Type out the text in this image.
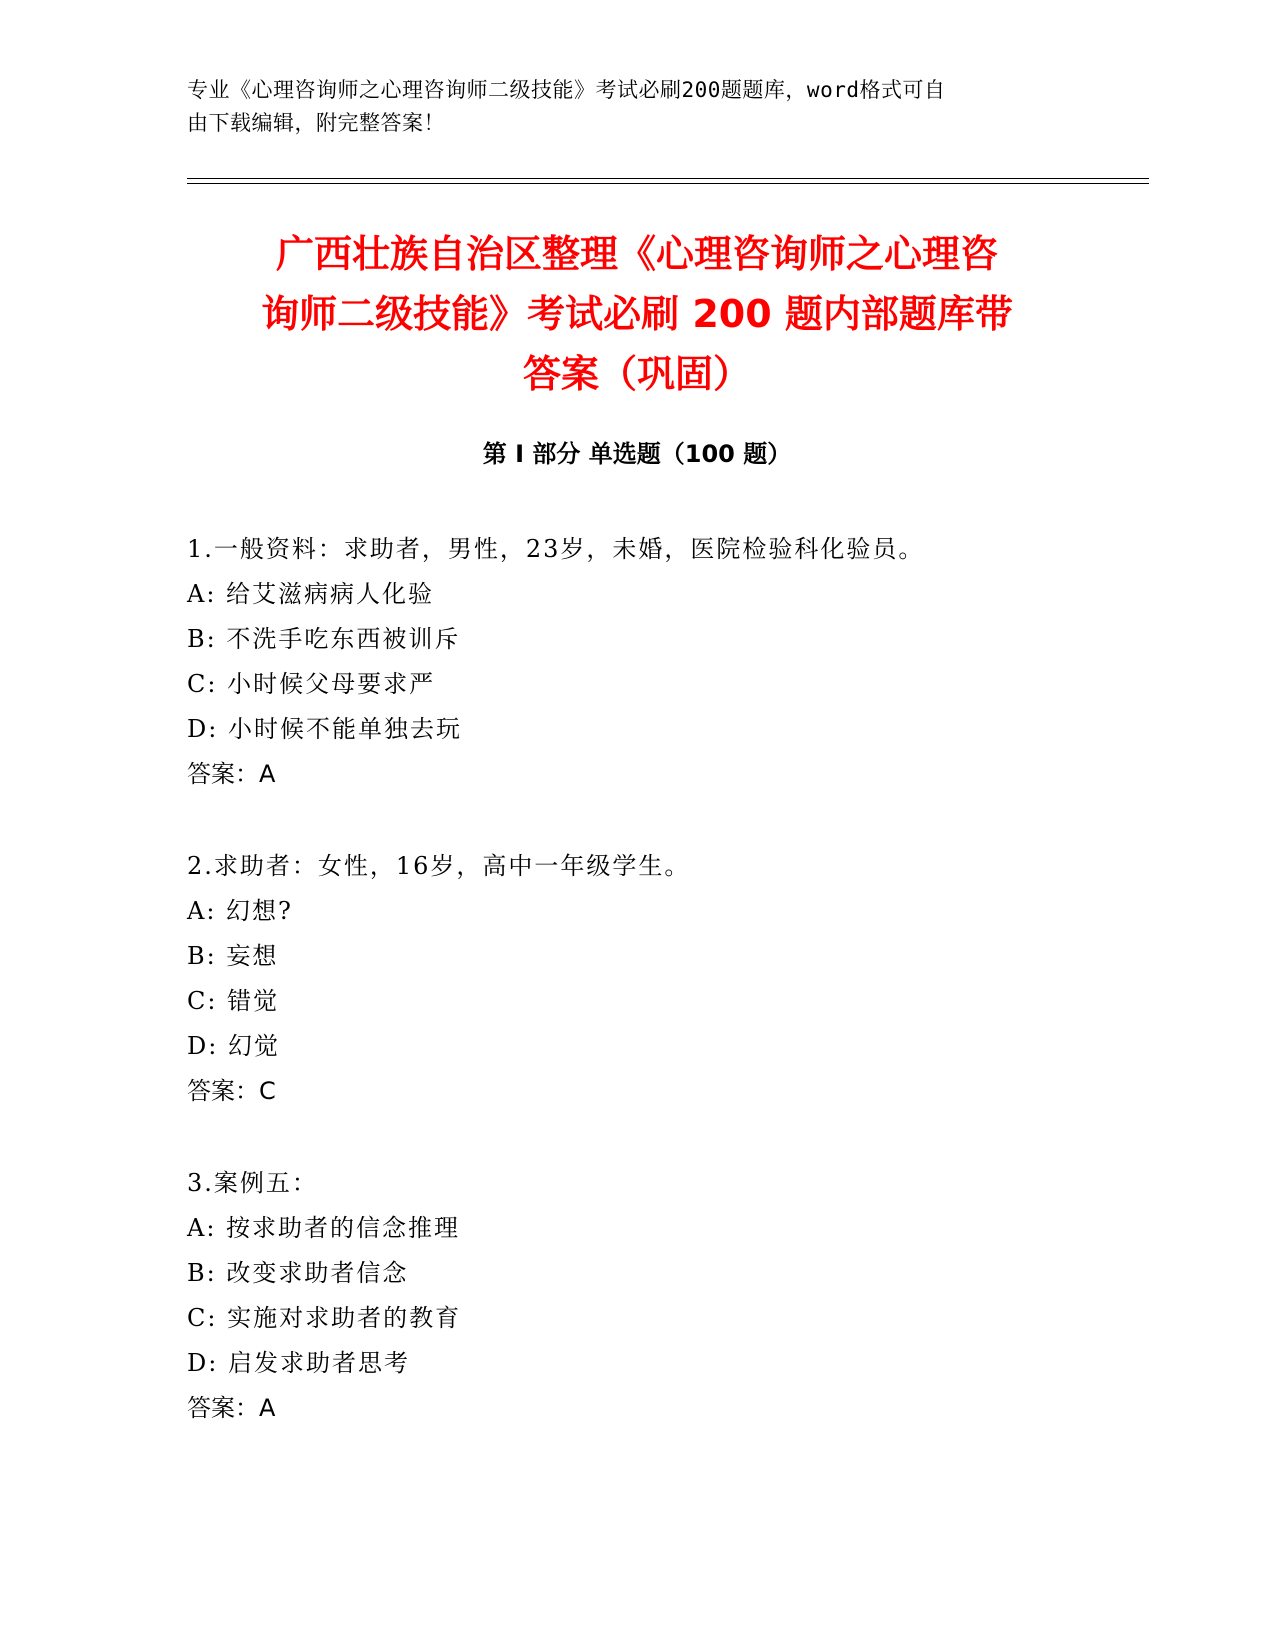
专业《心理咨询师之心理咨询师二级技能》考试必刷200题题库，word格式可自
由下载编辑，附完整答案！
广西壮族自治区整理《心理咨询师之心理咨
询师二级技能》考试必刷 200 题内部题库带
答案（巩固）
第 I 部分 单选题（100 题）
1.一般资料：求助者，男性，23岁，未婚，医院检验科化验员。
A: 给艾滋病病人化验
B: 不洗手吃东西被训斥
C: 小时候父母要求严
D: 小时候不能单独去玩
答案：A
2.求助者：女性，16岁，高中一年级学生。
A: 幻想?
B: 妄想
C: 错觉
D: 幻觉
答案：C
3.案例五：
A: 按求助者的信念推理
B: 改变求助者信念
C: 实施对求助者的教育
D: 启发求助者思考
答案：A
